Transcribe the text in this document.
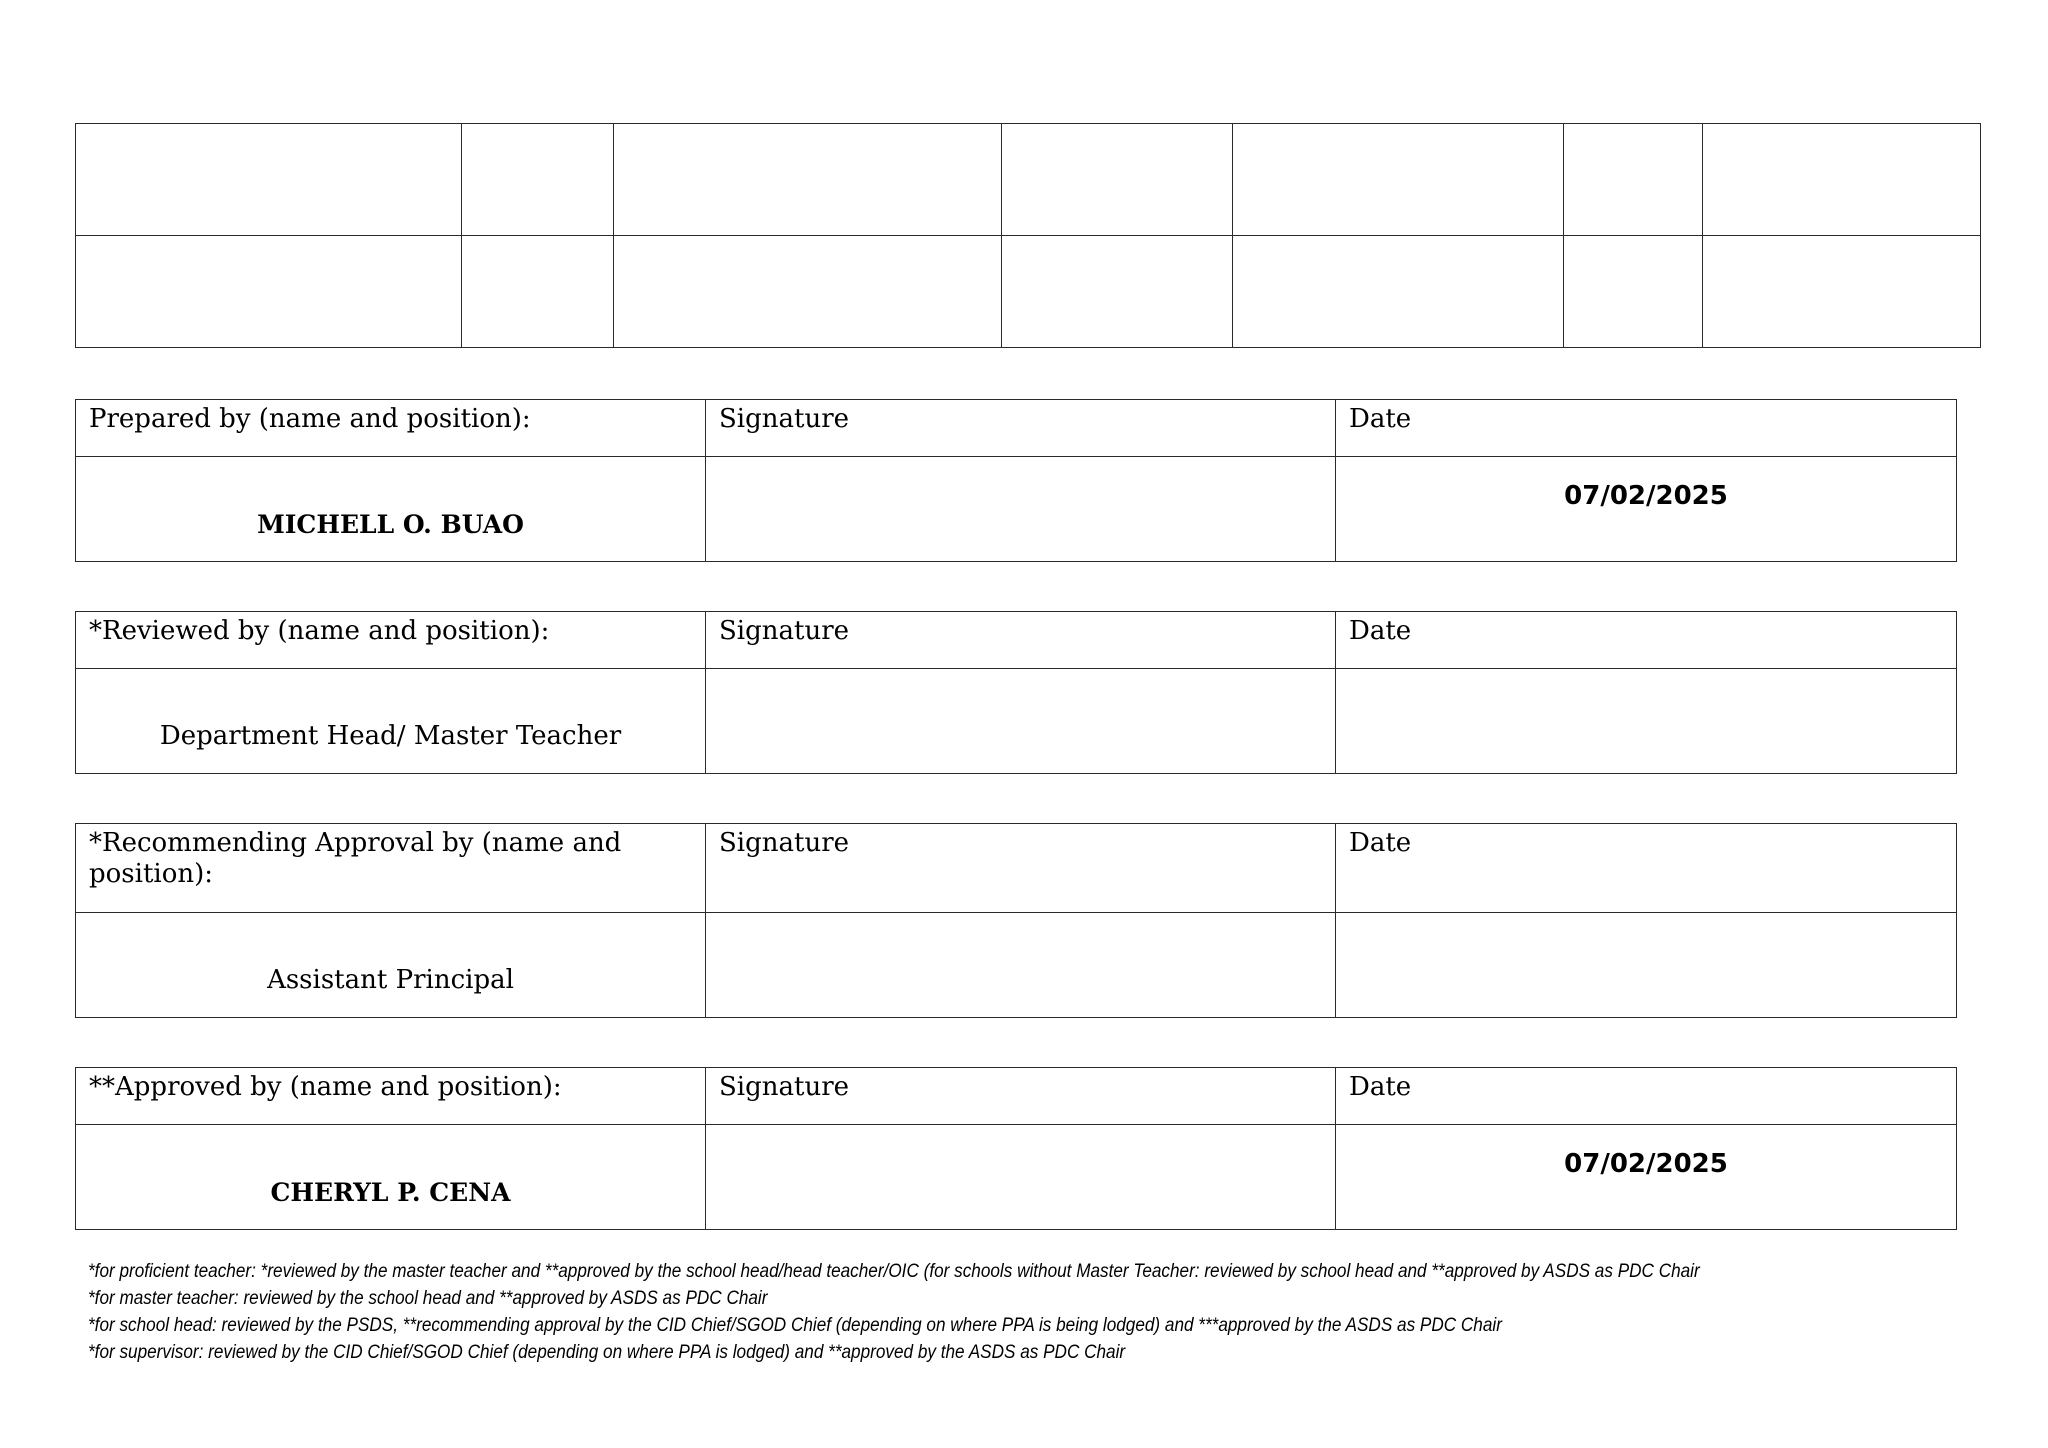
Prepared by (name and position):	Signature	Date

MICHELL O. BUAO		07/02/2025
*Reviewed by (name and position):	Signature	Date

Department Head/ Master Teacher		

*Recommending Approval by (name and position):	Signature	Date

Assistant Principal		

**Approved by (name and position):	Signature	Date

CHERYL P. CENA		07/02/2025
*for proficient teacher: *reviewed by the master teacher and **approved by the school head/head teacher/OIC (for schools without Master Teacher: reviewed by school head and **approved by ASDS as PDC Chair
*for master teacher: reviewed by the school head and **approved by ASDS as PDC Chair
*for school head: reviewed by the PSDS, **recommending approval by the CID Chief/SGOD Chief (depending on where PPA is being lodged) and ***approved by the ASDS as PDC Chair
*for supervisor: reviewed by the CID Chief/SGOD Chief (depending on where PPA is lodged) and **approved by the ASDS as PDC Chair
